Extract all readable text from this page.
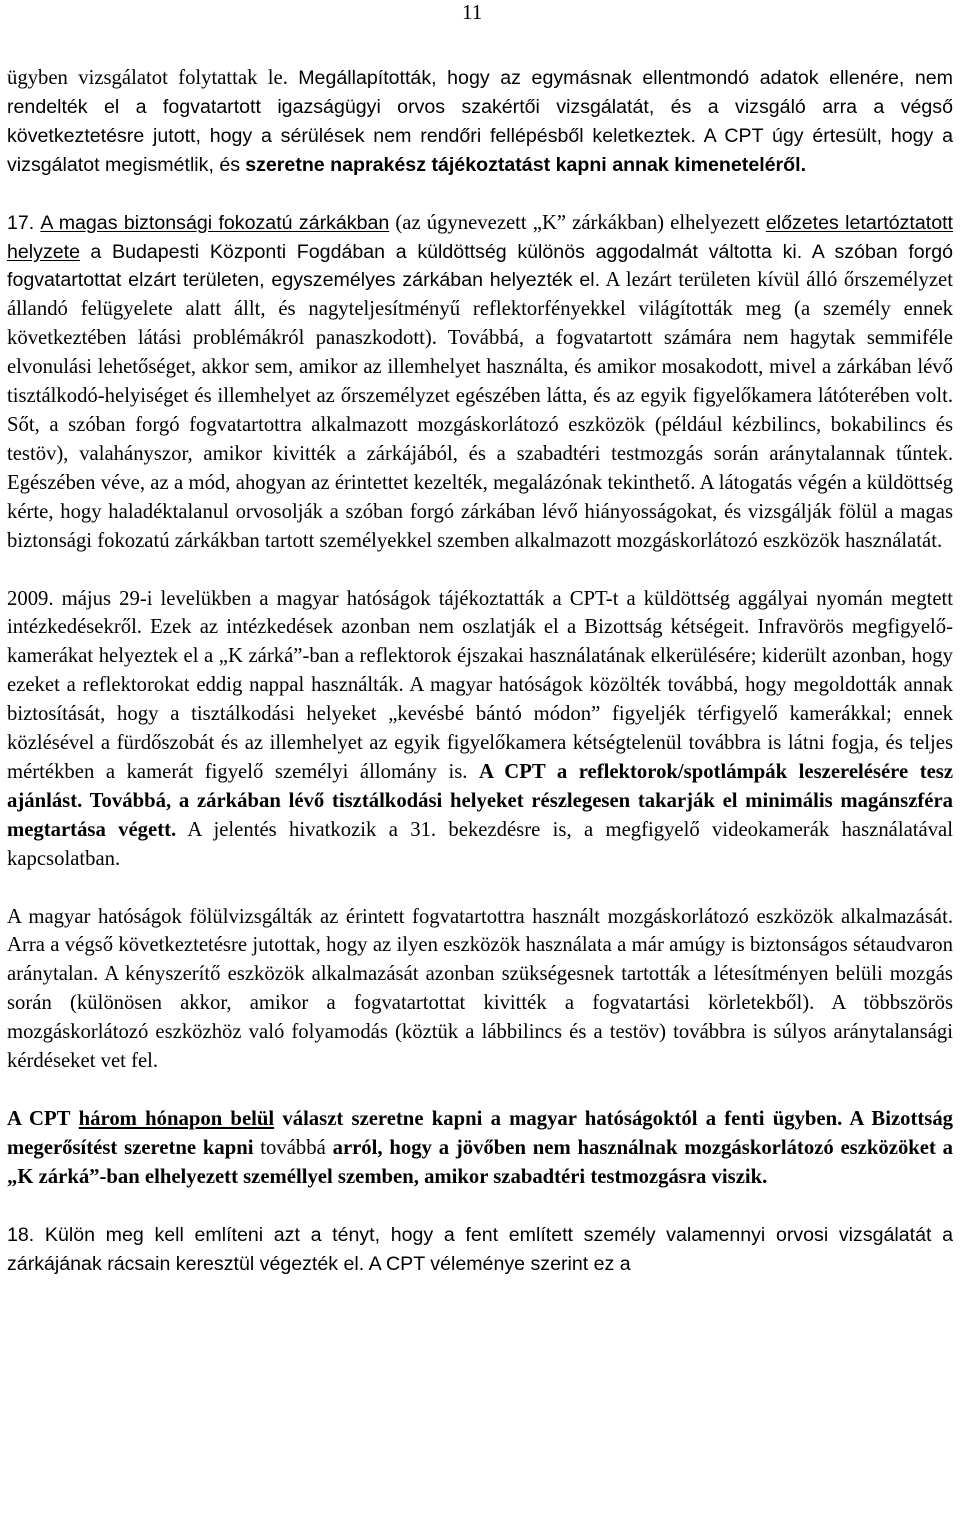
11

ügyben vizsgálatot folytattak le. Megállapították, hogy az egymásnak ellentmondó adatok ellenére, nem rendelték el a fogvatartott igazságügyi orvos szakértői vizsgálatát, és a vizsgáló arra a végső következtetésre jutott, hogy a sérülések nem rendőri fellépésből keletkeztek. A CPT úgy értesült, hogy a vizsgálatot megismétlik, és szeretne naprakész tájékoztatást kapni annak kimeneteléről.

17. A magas biztonsági fokozatú zárkákban (az úgynevezett „K” zárkákban) elhelyezett előzetes letartóztatott helyzete a Budapesti Központi Fogdában a küldöttség különös aggodalmát váltotta ki. A szóban forgó fogvatartottat elzárt területen, egyszemélyes zárkában helyezték el. A lezárt területen kívül álló őrszemélyzet állandó felügyelete alatt állt, és nagyteljesítményű reflektorfényekkel világították meg (a személy ennek következtében látási problémákról panaszkodott). Továbbá, a fogvatartott számára nem hagytak semmiféle elvonulási lehetőséget, akkor sem, amikor az illemhelyet használta, és amikor mosakodott, mivel a zárkában lévő tisztálkodó-helyiséget és illemhelyet az őrszemélyzet egészében látta, és az egyik figyelőkamera látóterében volt. Sőt, a szóban forgó fogvatartottra alkalmazott mozgáskorlátozó eszközök (például kézbilincs, bokabilincs és testöv), valahányszor, amikor kivitték a zárkájából, és a szabadtéri testmozgás során aránytalannak tűntek. Egészében véve, az a mód, ahogyan az érintettet kezelték, megalázónak tekinthető. A látogatás végén a küldöttség kérte, hogy haladéktalanul orvosolják a szóban forgó zárkában lévő hiányosságokat, és vizsgálják fölül a magas biztonsági fokozatú zárkákban tartott személyekkel szemben alkalmazott mozgáskorlátozó eszközök használatát.

2009. május 29-i levelükben a magyar hatóságok tájékoztatták a CPT-t a küldöttség aggályai nyomán megtett intézkedésekről. Ezek az intézkedések azonban nem oszlatják el a Bizottság kétségeit. Infravörös megfigyelő-kamerákat helyeztek el a „K zárká”-ban a reflektorok éjszakai használatának elkerülésére; kiderült azonban, hogy ezeket a reflektorokat eddig nappal használták. A magyar hatóságok közölték továbbá, hogy megoldották annak biztosítását, hogy a tisztálkodási helyeket „kevésbé bántó módon” figyeljék térfigyelő kamerákkal; ennek közlésével a fürdőszobát és az illemhelyet az egyik figyelőkamera kétségtelenül továbbra is látni fogja, és teljes mértékben a kamerát figyelő személyi állomány is. A CPT a reflektorok/spotlámpák leszerelésére tesz ajánlást. Továbbá, a zárkában lévő tisztálkodási helyeket részlegesen takarják el minimális magánszféra megtartása végett. A jelentés hivatkozik a 31. bekezdésre is, a megfigyelő videokamerák használatával kapcsolatban.

A magyar hatóságok fölülvizsgálták az érintett fogvatartottra használt mozgáskorlátozó eszközök alkalmazását. Arra a végső következtetésre jutottak, hogy az ilyen eszközök használata a már amúgy is biztonságos sétaudvaron aránytalan. A kényszerítő eszközök alkalmazását azonban szükségesnek tartották a létesítményen belüli mozgás során (különösen akkor, amikor a fogvatartottat kivitték a fogvatartási körletekből). A többszörös mozgáskorlátozó eszközhöz való folyamodás (köztük a lábbilincs és a testöv) továbbra is súlyos aránytalansági kérdéseket vet fel.

A CPT három hónapon belül választ szeretne kapni a magyar hatóságoktól a fenti ügyben. A Bizottság megerősítést szeretne kapni továbbá arról, hogy a jövőben nem használnak mozgáskorlátozó eszközöket a „K zárká”-ban elhelyezett személlyel szemben, amikor szabadtéri testmozgásra viszik.

18. Külön meg kell említeni azt a tényt, hogy a fent említett személy valamennyi orvosi vizsgálatát a zárkájának rácsain keresztül végezték el. A CPT véleménye szerint ez a
